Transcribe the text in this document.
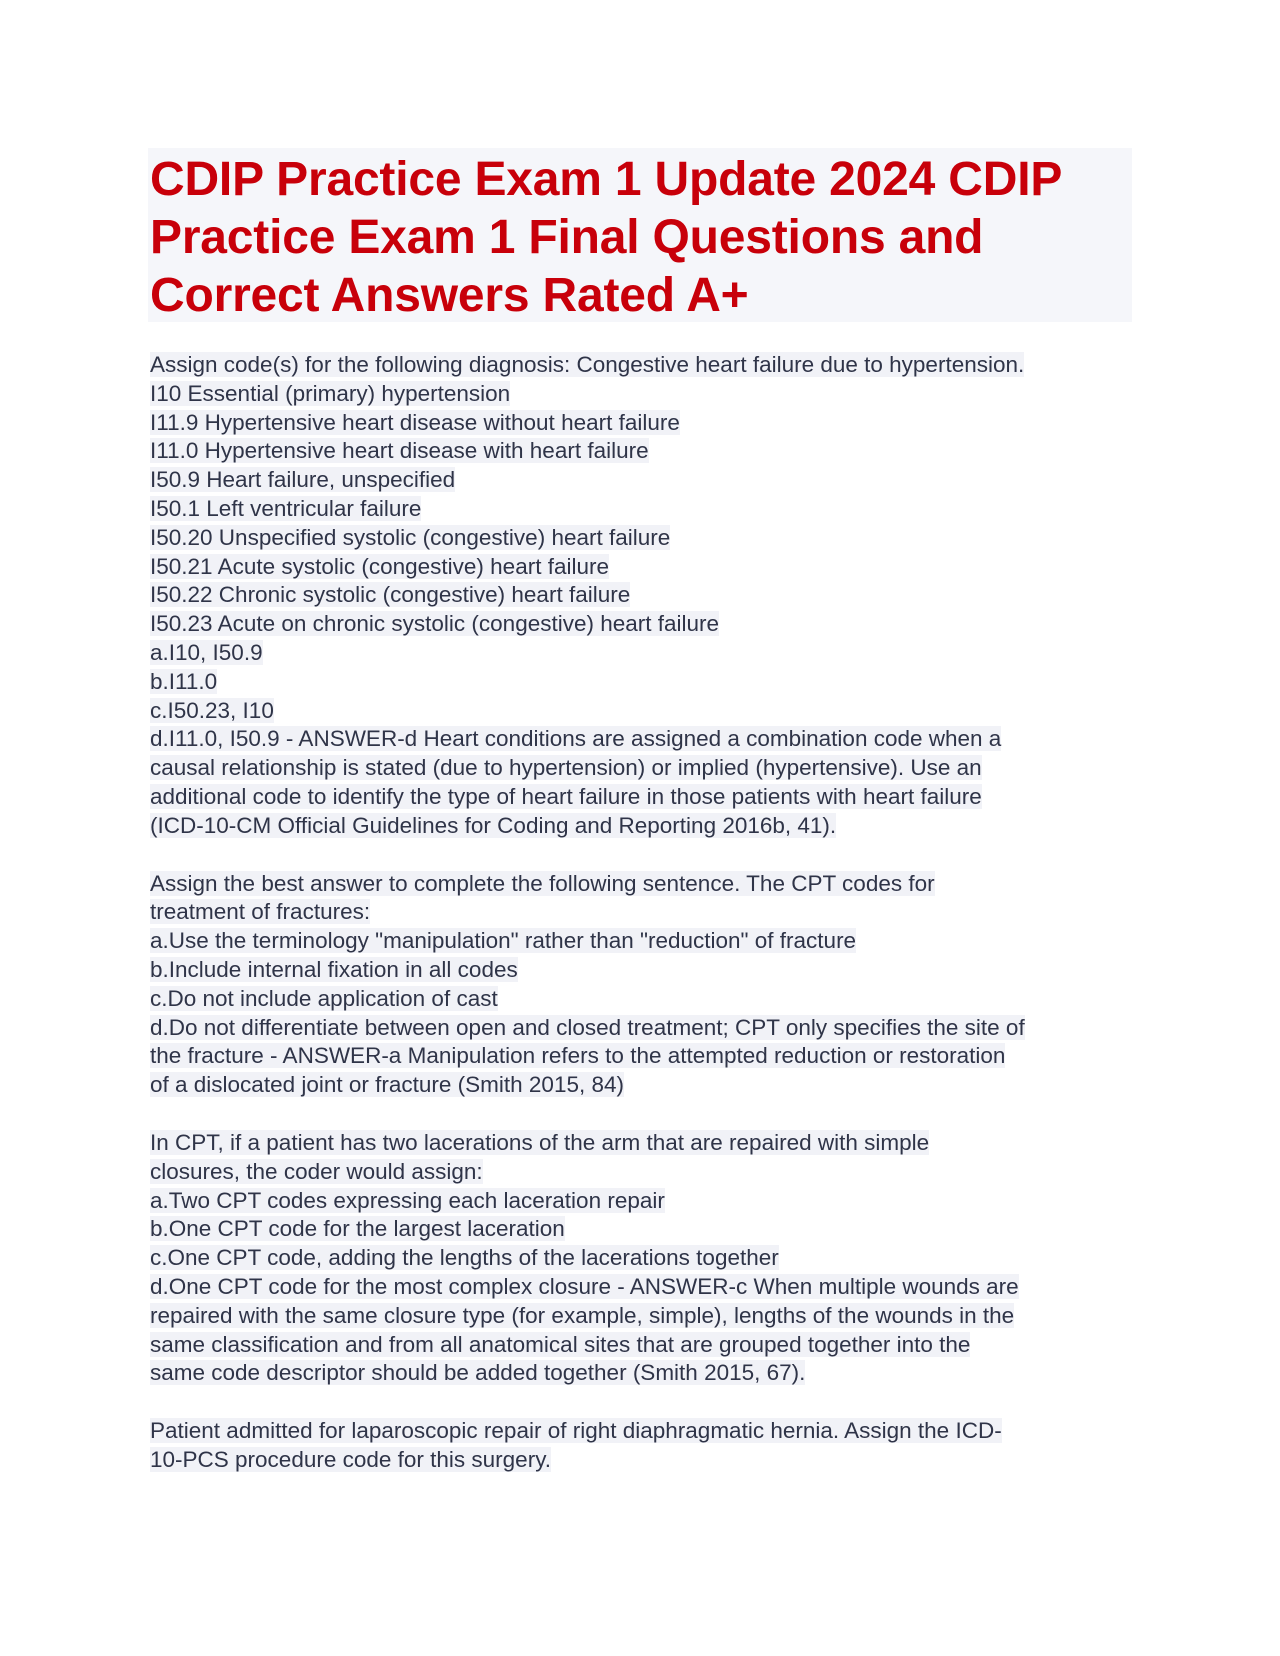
CDIP Practice Exam 1 Update 2024 CDIP
Practice Exam 1 Final Questions and
Correct Answers Rated A+
Assign code(s) for the following diagnosis: Congestive heart failure due to hypertension.
I10 Essential (primary) hypertension
I11.9 Hypertensive heart disease without heart failure
I11.0 Hypertensive heart disease with heart failure
I50.9 Heart failure, unspecified
I50.1 Left ventricular failure
I50.20 Unspecified systolic (congestive) heart failure
I50.21 Acute systolic (congestive) heart failure
I50.22 Chronic systolic (congestive) heart failure
I50.23 Acute on chronic systolic (congestive) heart failure
a.I10, I50.9
b.I11.0
c.I50.23, I10
d.I11.0, I50.9 - ANSWER-d Heart conditions are assigned a combination code when a
causal relationship is stated (due to hypertension) or implied (hypertensive). Use an
additional code to identify the type of heart failure in those patients with heart failure
(ICD-10-CM Official Guidelines for Coding and Reporting 2016b, 41).
Assign the best answer to complete the following sentence. The CPT codes for
treatment of fractures:
a.Use the terminology "manipulation" rather than "reduction" of fracture
b.Include internal fixation in all codes
c.Do not include application of cast
d.Do not differentiate between open and closed treatment; CPT only specifies the site of
the fracture - ANSWER-a Manipulation refers to the attempted reduction or restoration
of a dislocated joint or fracture (Smith 2015, 84)
In CPT, if a patient has two lacerations of the arm that are repaired with simple
closures, the coder would assign:
a.Two CPT codes expressing each laceration repair
b.One CPT code for the largest laceration
c.One CPT code, adding the lengths of the lacerations together
d.One CPT code for the most complex closure - ANSWER-c When multiple wounds are
repaired with the same closure type (for example, simple), lengths of the wounds in the
same classification and from all anatomical sites that are grouped together into the
same code descriptor should be added together (Smith 2015, 67).
Patient admitted for laparoscopic repair of right diaphragmatic hernia. Assign the ICD-
10-PCS procedure code for this surgery.
